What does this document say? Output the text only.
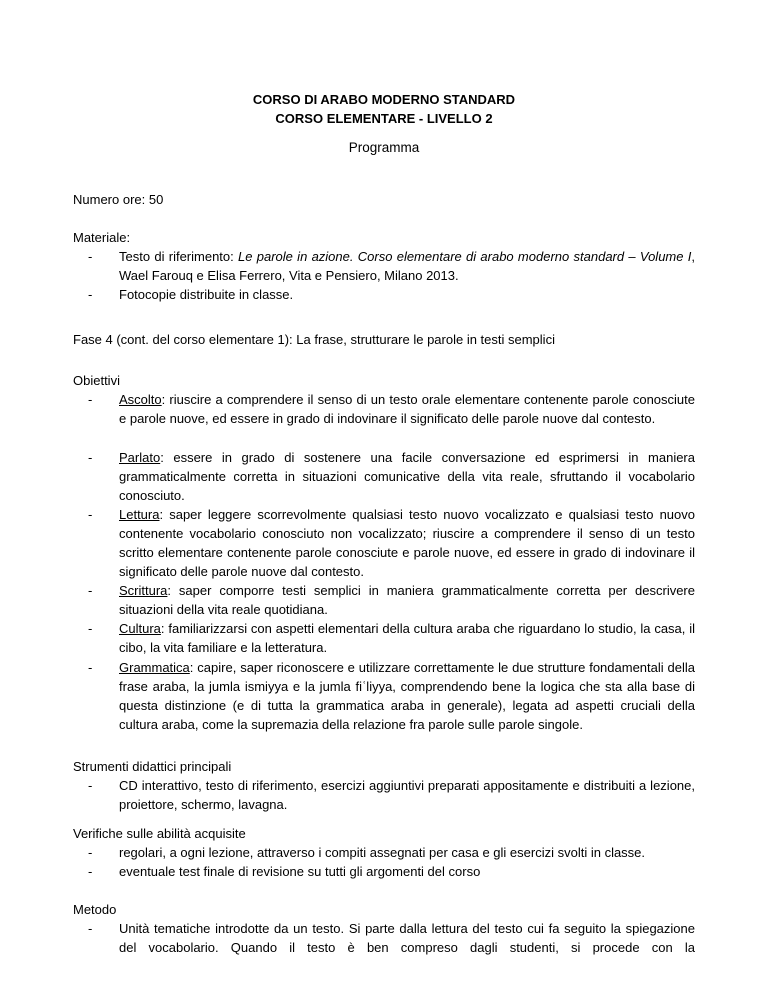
CORSO DI ARABO MODERNO STANDARD
CORSO ELEMENTARE - LIVELLO 2
Programma
Numero ore: 50
Materiale:
- Testo di riferimento: Le parole in azione. Corso elementare di arabo moderno standard – Volume I, Wael Farouq e Elisa Ferrero, Vita e Pensiero, Milano 2013.
- Fotocopie distribuite in classe.
Fase 4 (cont. del corso elementare 1): La frase, strutturare le parole in testi semplici
Obiettivi
- Ascolto: riuscire a comprendere il senso di un testo orale elementare contenente parole conosciute e parole nuove, ed essere in grado di indovinare il significato delle parole nuove dal contesto.
- Parlato: essere in grado di sostenere una facile conversazione ed esprimersi in maniera grammaticalmente corretta in situazioni comunicative della vita reale, sfruttando il vocabolario conosciuto.
- Lettura: saper leggere scorrevolmente qualsiasi testo nuovo vocalizzato e qualsiasi testo nuovo contenente vocabolario conosciuto non vocalizzato; riuscire a comprendere il senso di un testo scritto elementare contenente parole conosciute e parole nuove, ed essere in grado di indovinare il significato delle parole nuove dal contesto.
- Scrittura: saper comporre testi semplici in maniera grammaticalmente corretta per descrivere situazioni della vita reale quotidiana.
- Cultura: familiarizzarsi con aspetti elementari della cultura araba che riguardano lo studio, la casa, il cibo, la vita familiare e la letteratura.
- Grammatica: capire, saper riconoscere e utilizzare correttamente le due strutture fondamentali della frase araba, la jumla ismiyya e la jumla fiʿliyya, comprendendo bene la logica che sta alla base di questa distinzione (e di tutta la grammatica araba in generale), legata ad aspetti cruciali della cultura araba, come la supremazia della relazione fra parole sulle parole singole.
Strumenti didattici principali
- CD interattivo, testo di riferimento, esercizi aggiuntivi preparati appositamente e distribuiti a lezione, proiettore, schermo, lavagna.
Verifiche sulle abilità acquisite
- regolari, a ogni lezione, attraverso i compiti assegnati per casa e gli esercizi svolti in classe.
- eventuale test finale di revisione su tutti gli argomenti del corso
Metodo
- Unità tematiche introdotte da un testo. Si parte dalla lettura del testo cui fa seguito la spiegazione del vocabolario. Quando il testo è ben compreso dagli studenti, si procede con la
